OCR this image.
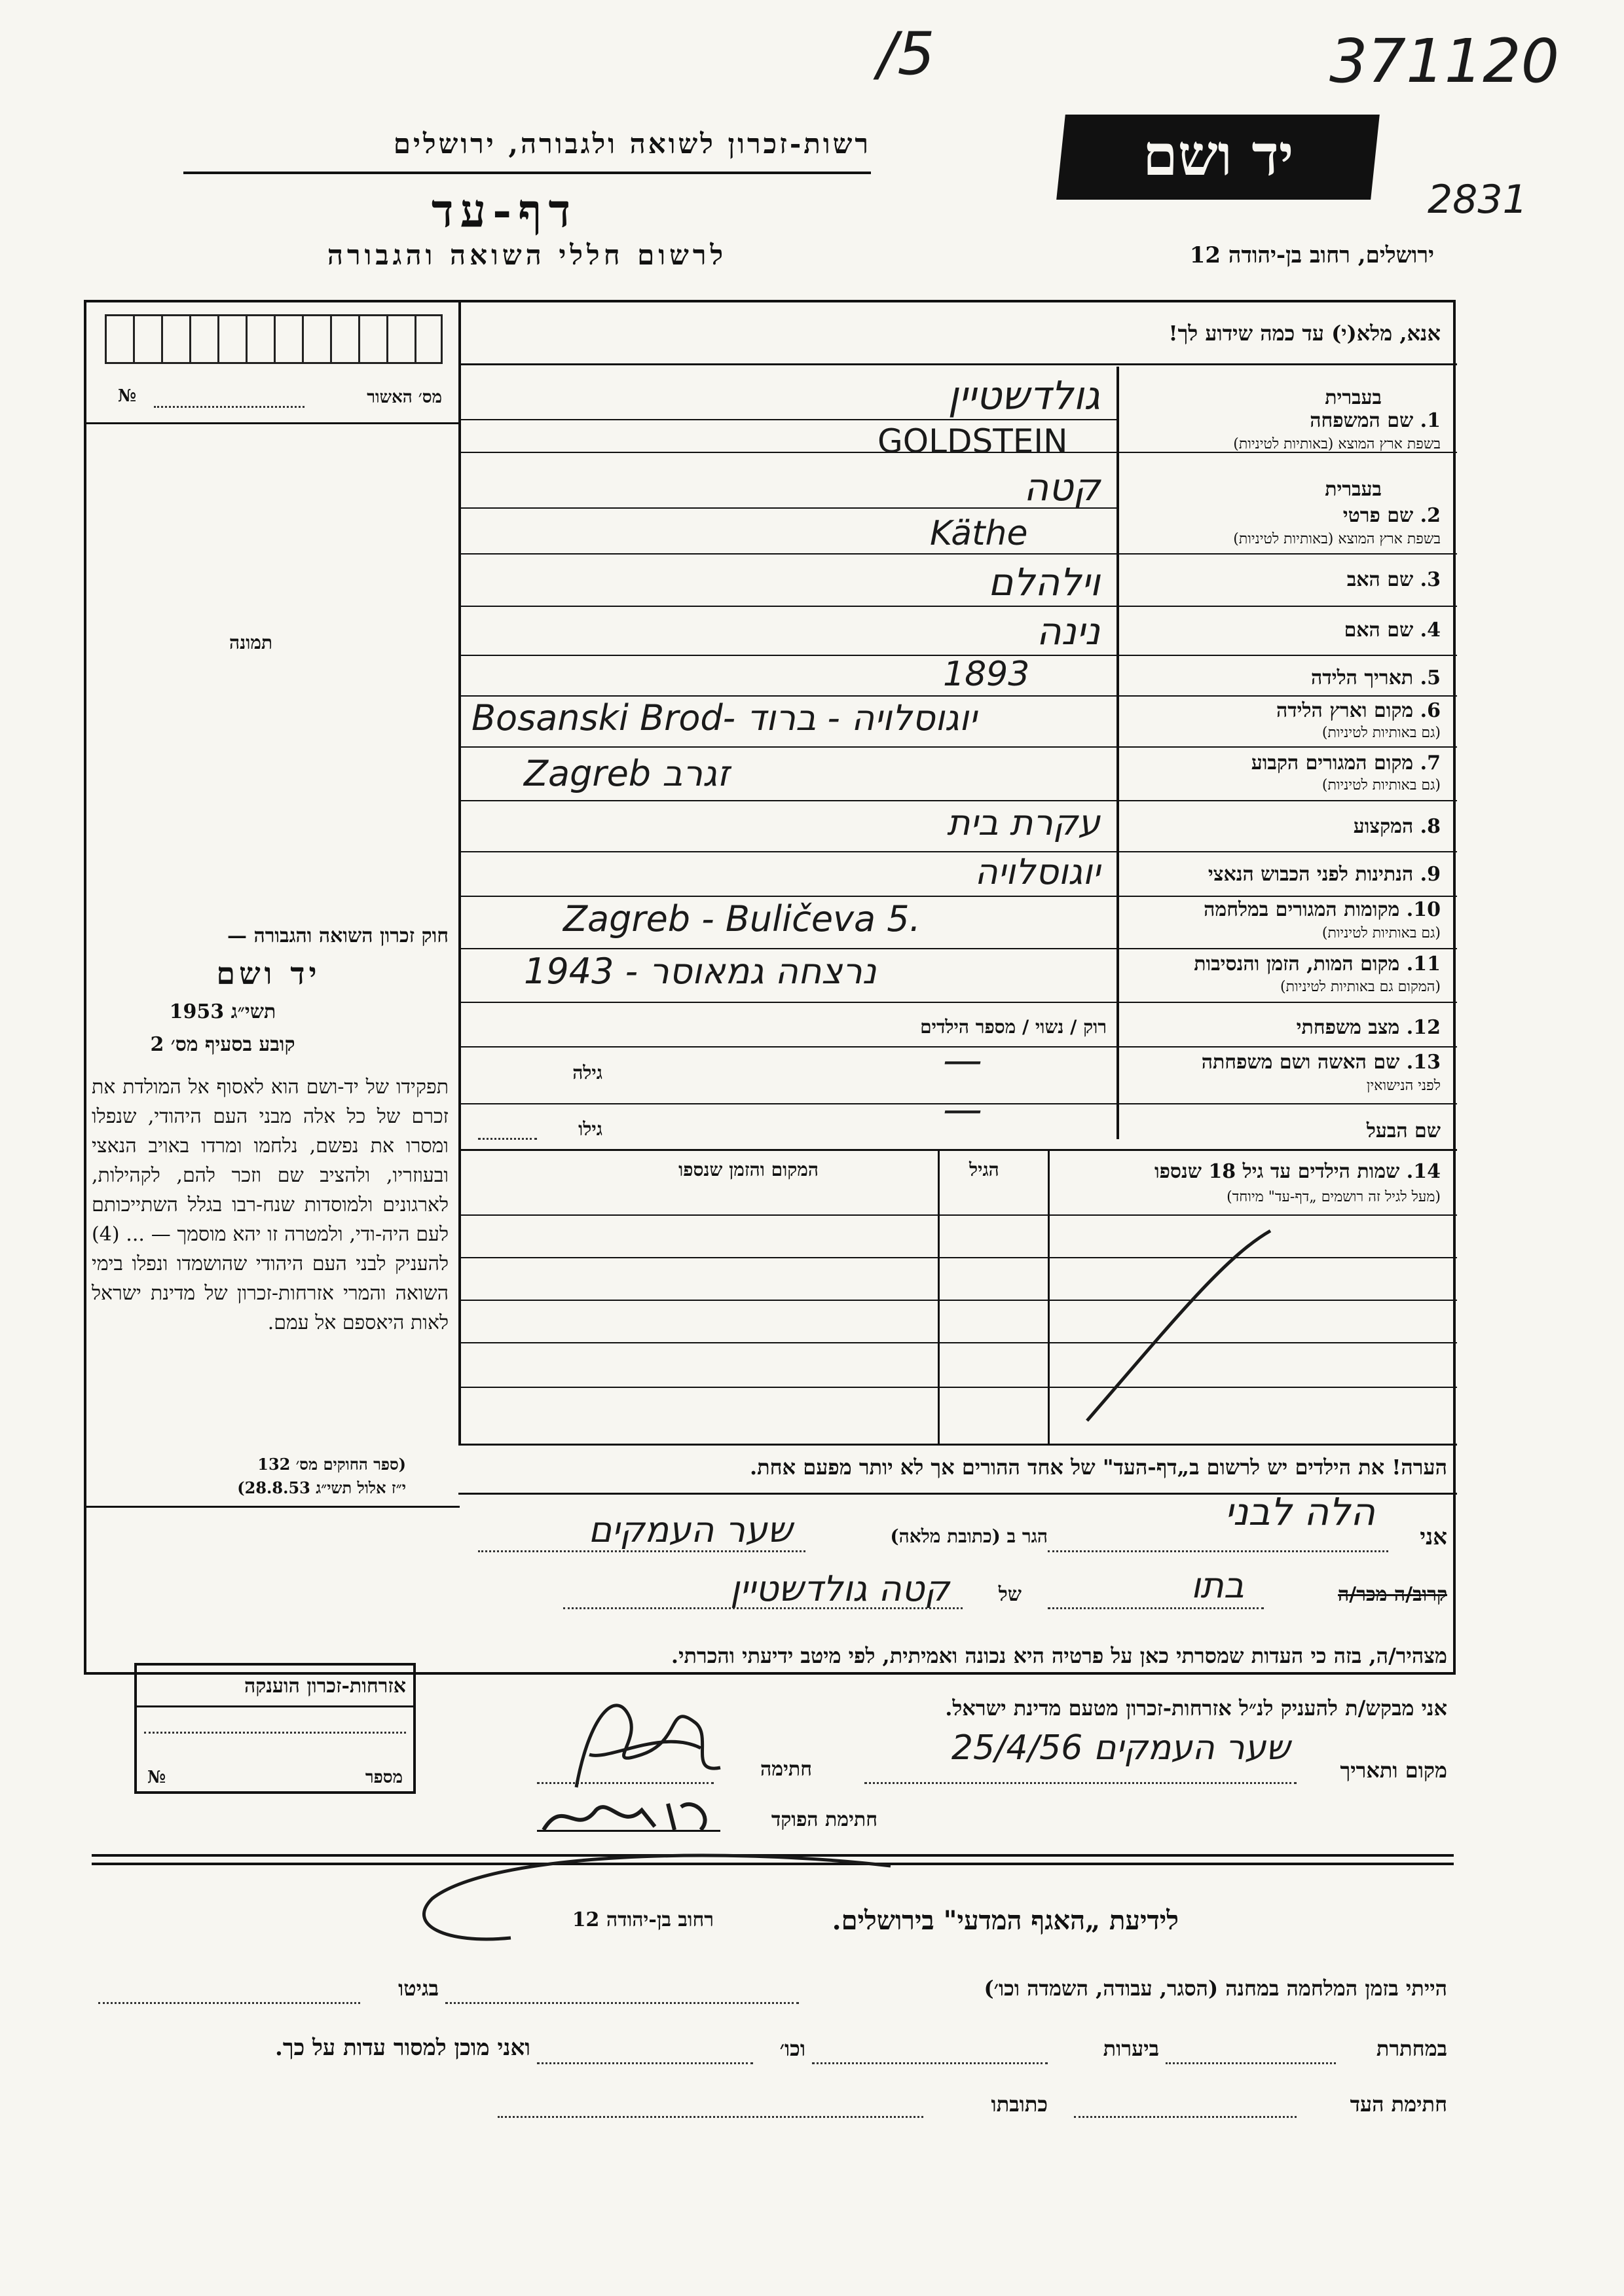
/5	371120
2831
רשות-זכרון לשואה ולגבורה, ירושלים
דף-עד
לרשום חללי השואה והגבורה
יד ושם
ירושלים, רחוב בן-יהודה 12
אנא, מלא(י) עד כמה שידוע לך!
№	מס׳ האשור
תמונה
בעברית
1. שם המשפחה
בשפת ארץ המוצא (באותיות לטיניות)
גולדשטיין
GOLDSTEIN
בעברית
2. שם פרטי
בשפת ארץ המוצא (באותיות לטיניות)
קטה
Käthe
3. שם האב
וילהלם
4. שם האם
נינה
5. תאריך הלידה
1893
6. מקום וארץ הלידה
(גם באותיות לטיניות)
Bosanski Brod- יוגוסלויה - ברוד
7. מקום המגורים הקבוע
(גם באותיות לטיניות)
Zagreb זגרב
8. המקצוע
עקרת בית
9. הנתינות לפני הכבוש הנאצי
יוגוסלויה
10. מקומות המגורים במלחמה
(גם באותיות לטיניות)
Zagreb - Buličeva 5.
11. מקום המות, הזמן והנסיבות
(המקום גם באותיות לטיניות)
1943 - נרצחה גמאוסר
12. מצב משפחתי
רוק / נשוי / מספר הילדים
13. שם האשה ושם משפחתה
לפני הנישואין
גילה	—
שם הבעל
גילו	—
14. שמות הילדים עד גיל 18 שנספו
(מעל לגיל זה רושמים „דף-עד" מיוחד)
הגיל
המקום והזמן שנספו
הערה! את הילדים יש לרשום ב„דף-העד" של אחד ההורים אך לא יותר מפעם אחת.
חוק זכרון השואה והגבורה —
יד ושם
תשי״ג 1953
קובע בסעיף מס׳ 2
תפקידו של יד-ושם הוא לאסוף אל המולדת את זכרם של כל אלה מבני העם היהודי, שנפלו ומסרו את נפשם, נלחמו ומרדו באויב הנאצי ובעוזריו, ולהציב שם וזכר להם, לקהילות, לארגונים ולמוסדות שנח-רבו בגלל השתייכותם לעם היה-ודי, ולמטרה זו יהא מוסמך — ... (4) להעניק לבני העם היהודי שהושמדו ונפלו בימי השואה והמרי אזרחות-זכרון של מדינת ישראל לאות היאספם אל עמם.
(ספר החוקים מס׳ 132
י״ז אלול תשי״ג 28.8.53)
אזרחות-זכרון הוענקה
№	מספר
אני
הלה לבני
הגר ב (כתובת מלאה)
שער העמקים
קרוב/ה מכר/ה
בתו
של
קטה גולדשטיין
מצהיר/ה, בזה כי העדות שמסרתי כאן על פרטיה היא נכונה ואמיתית, לפי מיטב ידיעתי והכרתי.
אני מבקש/ת להעניק לנ״ל אזרחות-זכרון מטעם מדינת ישראל.
מקום ותאריך
שער העמקים 25/4/56
חתימה
חתימת הפוקד
לידיעת „האגף המדעי" בירושלים.
רחוב בן-יהודה 12
הייתי בזמן המלחמה במחנה (הסגר, עבודה, השמדה וכו׳)
בגיטו
במחתרת
ביערות
וכו׳
ואני מוכן למסור עדות על כך.
חתימת העד
כתובתו
